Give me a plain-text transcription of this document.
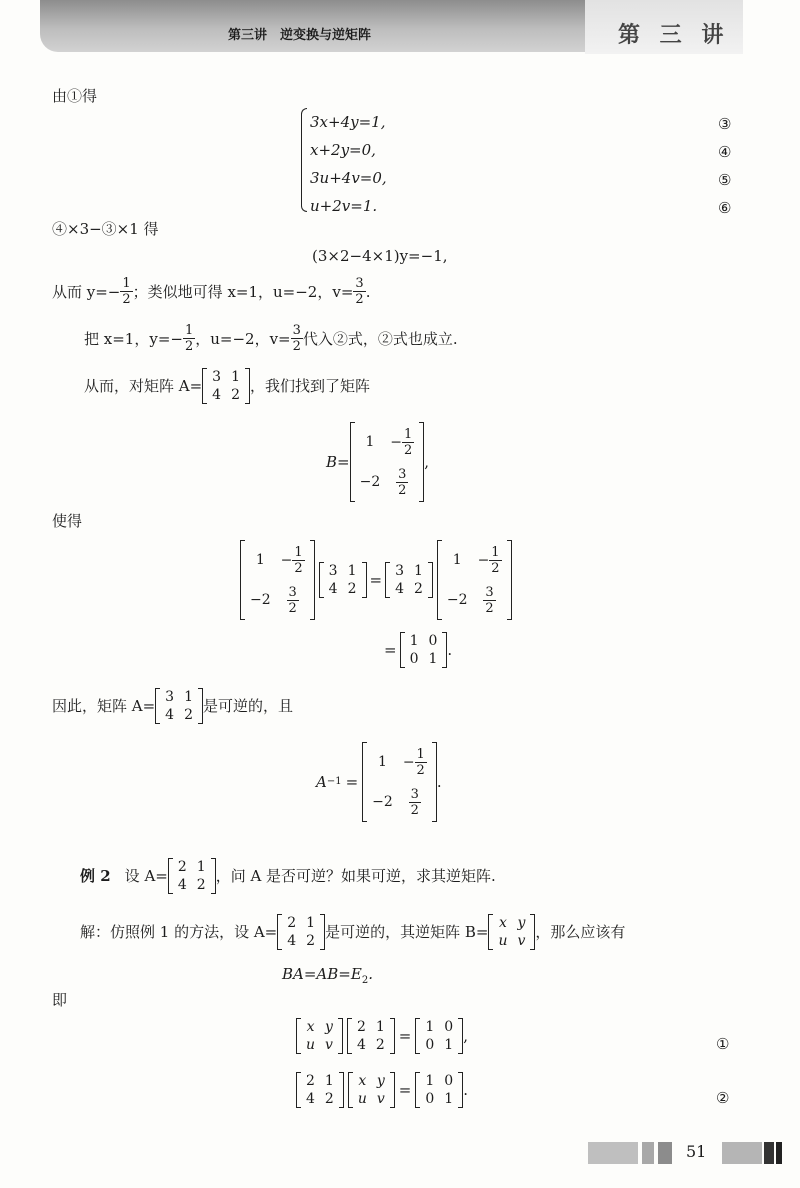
第三讲　逆变换与逆矩阵	第 三 讲
由①得
3x+4y=1,
x+2y=0,
3u+4v=0,
u+2v=1.
③
④
⑤
⑥
④×3−③×1 得
(3×2−4×1)y=−1,
从而 $y=- \frac{1}{2}$ ；类似地可得 x=1，u=−2，$v= \frac{3}{2}$ .
把 x=1，$y=- \frac{1}{2}$ ，u=−2，$v= \frac{3}{2}$ 代入②式，②式也成立.
从而，对矩阵 A= 3	1
4	2 ，我们找到了矩阵
B=
1	− $\frac{1}{2}$

−2	$\frac{3}{2}$
,
使得
1	− $\frac{1}{2}$

−2	$\frac{3}{2}$
3	1
4	2 = 3	1
4	2
1	− $\frac{1}{2}$

−2	$\frac{3}{2}$
= 1	0
0	1 .
因此，矩阵 A= 3	1
4	2 是可逆的，且
A −1 =
1	− $\frac{1}{2}$

−2	$\frac{3}{2}$
.
例 2 设 A= 2	1
4	2 ，问 A 是否可逆？如果可逆，求其逆矩阵.
解：仿照例 1 的方法，设 A= 2	1
4	2 是可逆的，其逆矩阵 B= x	y
u	v ，那么应该有
$BA=AB=E_2$.
即
x	y
u	v
2	1
4	2 = 1	0
0	1 ,	①
2	1
4	2
x	y
u	v = 1	0
0	1 .	②
51
